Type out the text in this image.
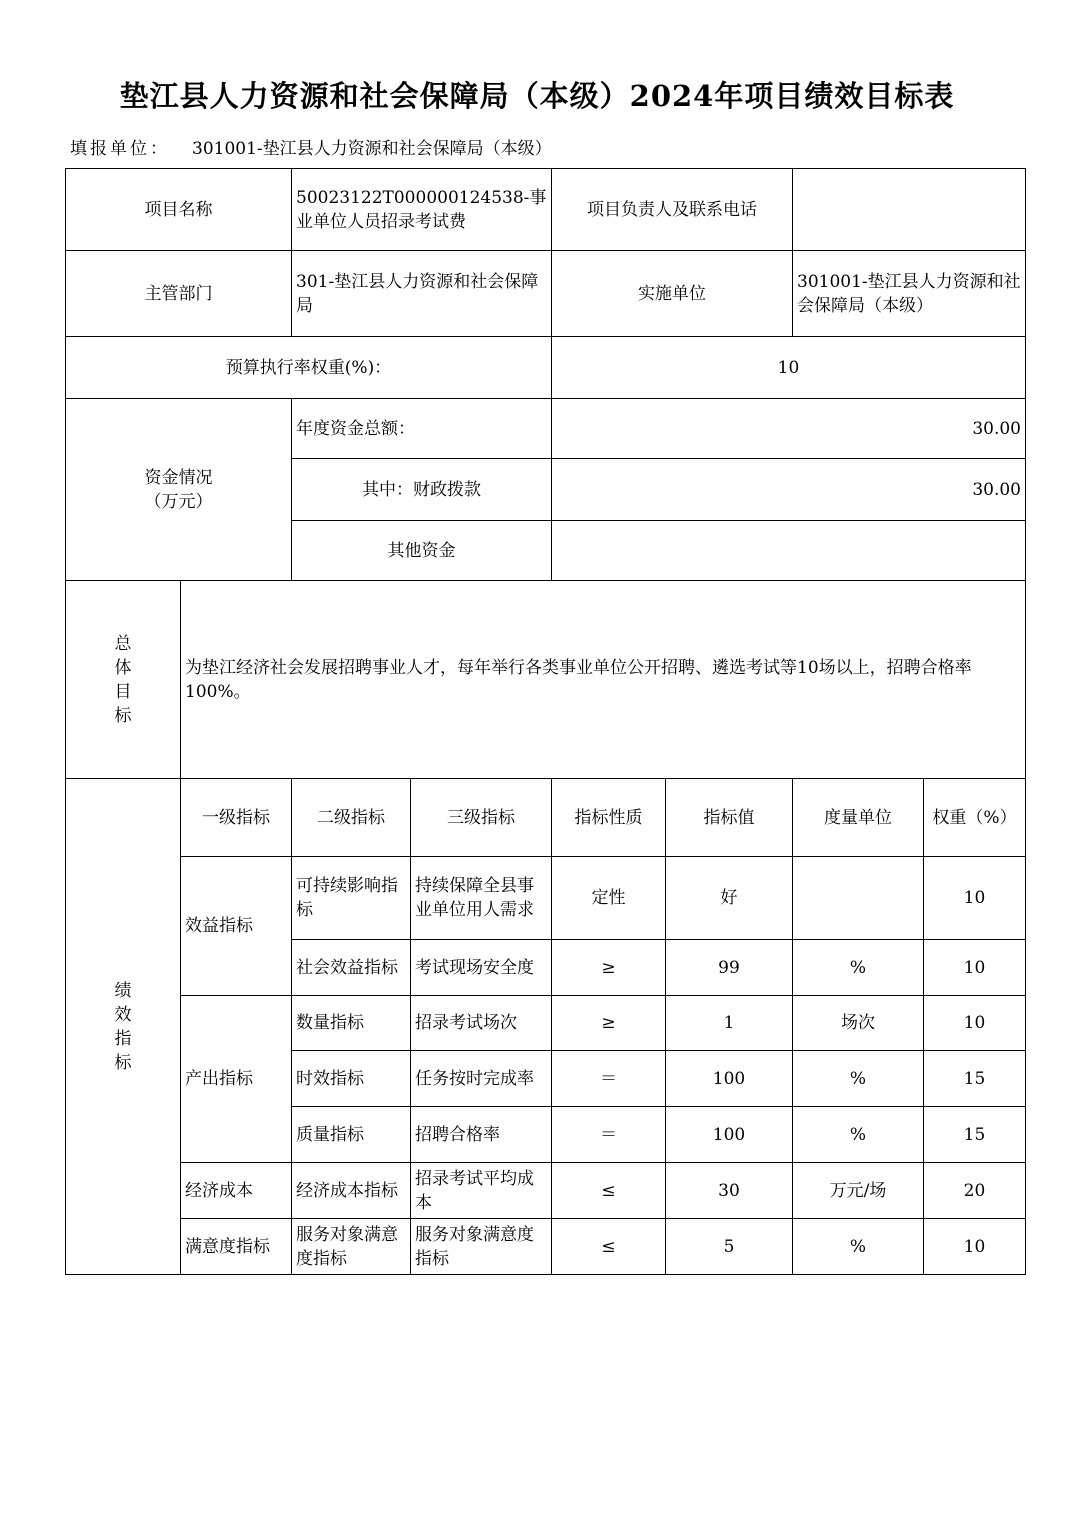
垫江县人力资源和社会保障局（本级）2024年项目绩效目标表
填报单位： 301001-垫江县人力资源和社会保障局（本级）
项目名称		50023122T000000124538-事业单位人员招录考试费		项目负责人及联系电话			
主管部门		301-垫江县人力资源和社会保障局		实施单位		301001-垫江县人力资源和社会保障局（本级）	
预算执行率权重(%)：				10			

资金情况
（万元）		年度资金总额：		30.00			
		其中：财政拨款		30.00			
		其他资金					

总
体
目
标	为垫江经济社会发展招聘事业人才，每年举行各类事业单位公开招聘、遴选考试等10场以上，招聘合格率100%。						

绩
效
指
标	一级指标	二级指标	三级指标	指标性质	指标值	度量单位	权重（%）
	效益指标	可持续影响指标	持续保障全县事业单位用人需求	定性	好		10
		社会效益指标	考试现场安全度	≥	99	%	10
	产出指标	数量指标	招录考试场次	≥	1	场次	10
		时效指标	任务按时完成率	＝	100	%	15
		质量指标	招聘合格率	＝	100	%	15
	经济成本	经济成本指标	招录考试平均成本	≤	30	万元/场	20
	满意度指标	服务对象满意度指标	服务对象满意度指标	≤	5	%	10
